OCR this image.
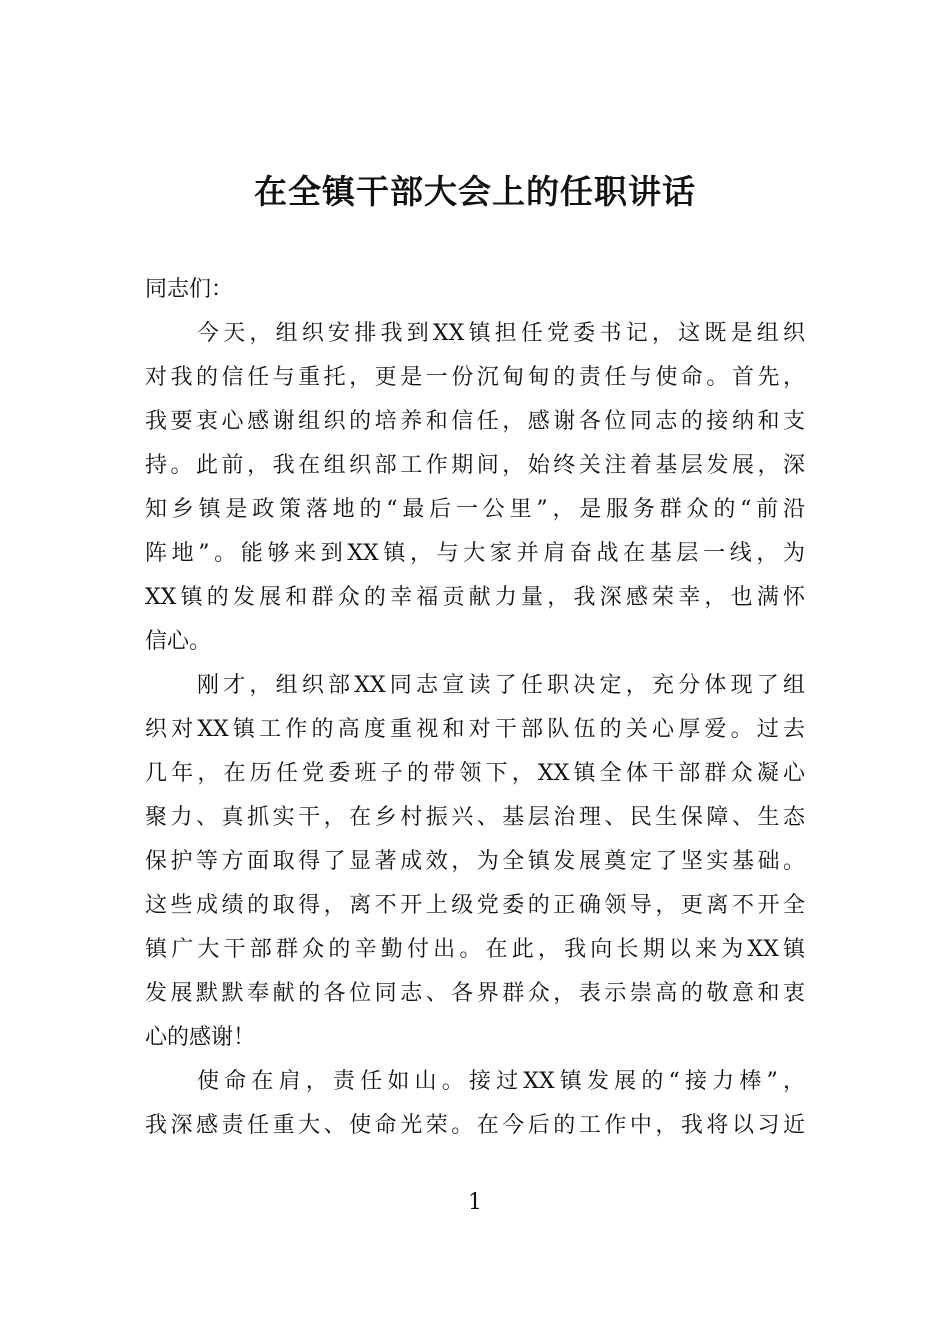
在全镇干部大会上的任职讲话
同志们：
今天，组织安排我到XX镇担任党委书记，这既是组织
对我的信任与重托，更是一份沉甸甸的责任与使命。首先，
我要衷心感谢组织的培养和信任，感谢各位同志的接纳和支
持。此前，我在组织部工作期间，始终关注着基层发展，深
知乡镇是政策落地的“最后一公里”，是服务群众的“前沿
阵地”。能够来到XX镇，与大家并肩奋战在基层一线，为
XX镇的发展和群众的幸福贡献力量，我深感荣幸，也满怀
信心。
刚才，组织部XX同志宣读了任职决定，充分体现了组
织对XX镇工作的高度重视和对干部队伍的关心厚爱。过去
几年，在历任党委班子的带领下，XX镇全体干部群众凝心
聚力、真抓实干，在乡村振兴、基层治理、民生保障、生态
保护等方面取得了显著成效，为全镇发展奠定了坚实基础。
这些成绩的取得，离不开上级党委的正确领导，更离不开全
镇广大干部群众的辛勤付出。在此，我向长期以来为XX镇
发展默默奉献的各位同志、各界群众，表示崇高的敬意和衷
心的感谢！
使命在肩，责任如山。接过XX镇发展的“接力棒”，
我深感责任重大、使命光荣。在今后的工作中，我将以习近
1
